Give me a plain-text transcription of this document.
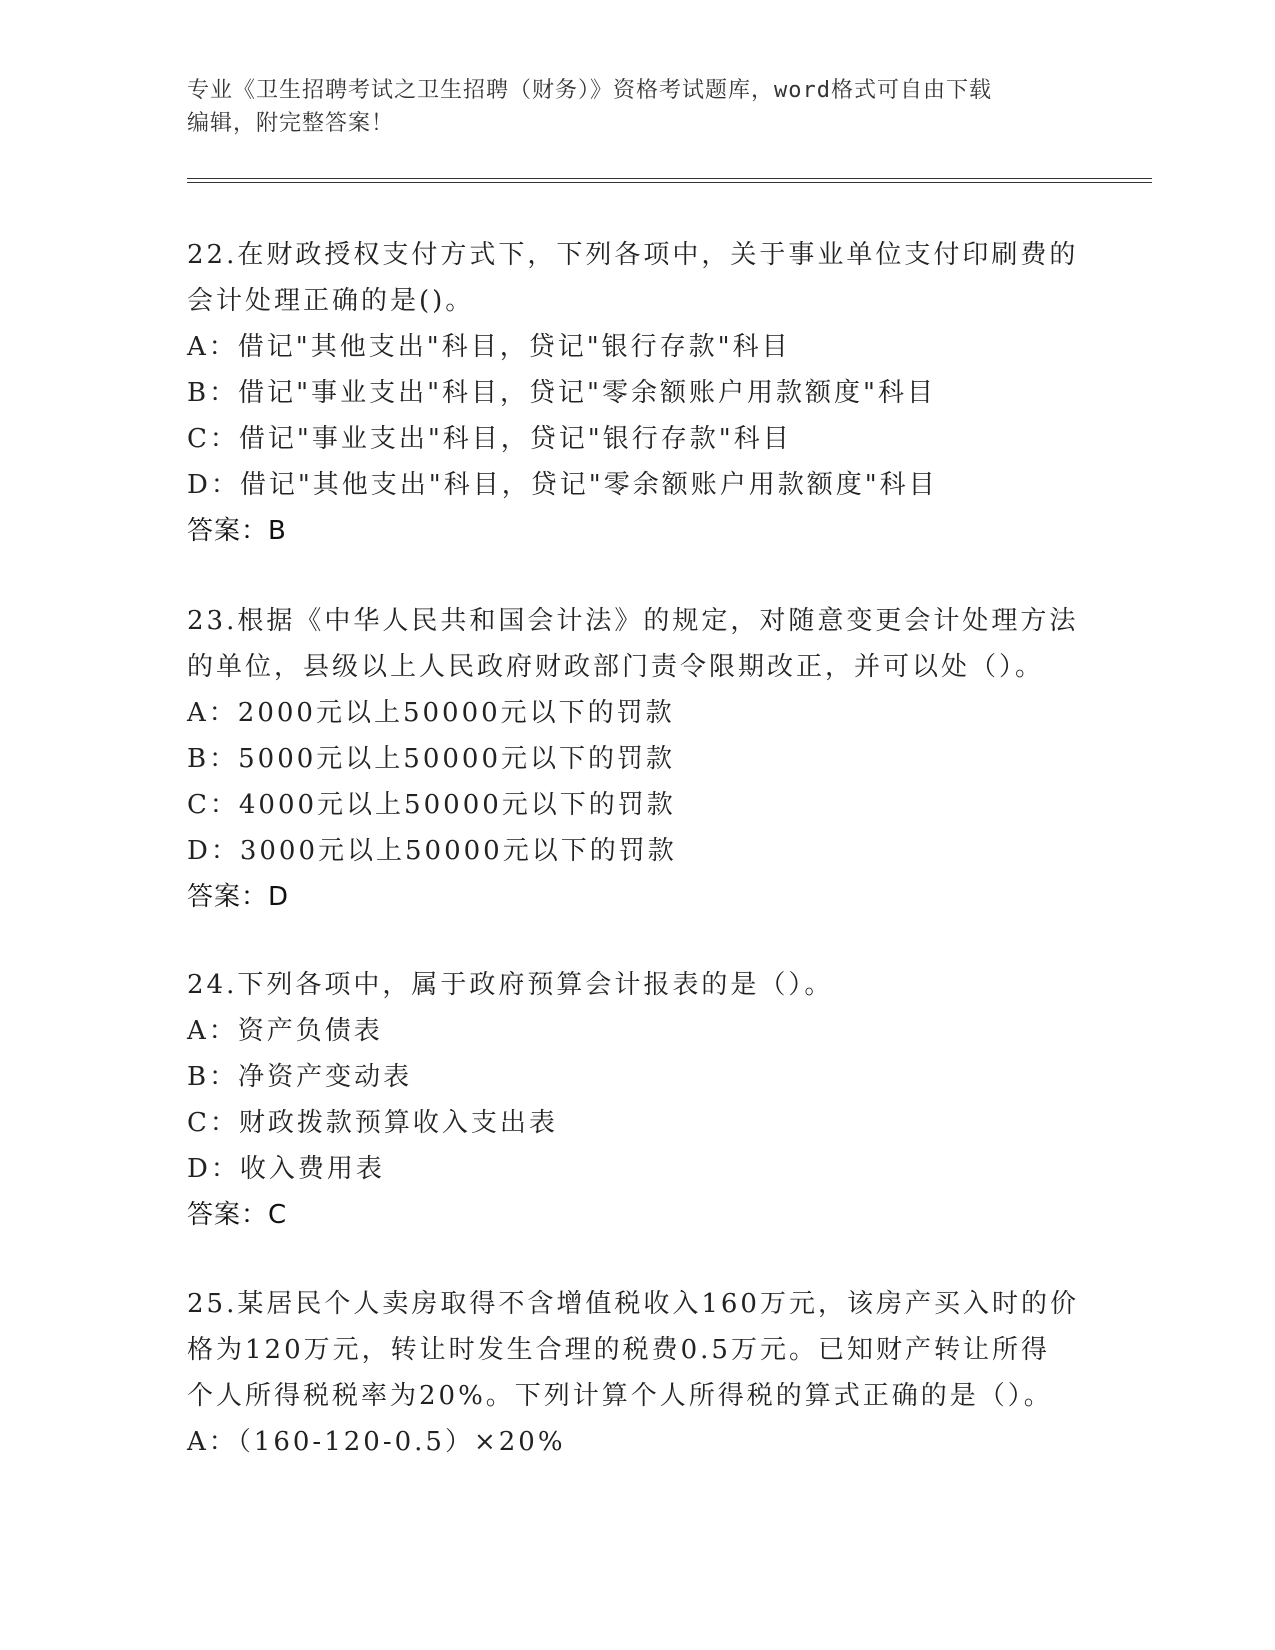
专业《卫生招聘考试之卫生招聘（财务）》资格考试题库，word格式可自由下载
编辑，附完整答案！
22.在财政授权支付方式下，下列各项中，关于事业单位支付印刷费的
会计处理正确的是()。
A：借记"其他支出"科目，贷记"银行存款"科目
B：借记"事业支出"科目，贷记"零余额账户用款额度"科目
C：借记"事业支出"科目，贷记"银行存款"科目
D：借记"其他支出"科目，贷记"零余额账户用款额度"科目
答案：B
23.根据《中华人民共和国会计法》的规定，对随意变更会计处理方法
的单位，县级以上人民政府财政部门责令限期改正，并可以处（）。
A：2000元以上50000元以下的罚款
B：5000元以上50000元以下的罚款
C：4000元以上50000元以下的罚款
D：3000元以上50000元以下的罚款
答案：D
24.下列各项中，属于政府预算会计报表的是（）。
A：资产负债表
B：净资产变动表
C：财政拨款预算收入支出表
D：收入费用表
答案：C
25.某居民个人卖房取得不含增值税收入160万元，该房产买入时的价
格为120万元，转让时发生合理的税费0.5万元。已知财产转让所得
个人所得税税率为20%。下列计算个人所得税的算式正确的是（）。
A：（160-120-0.5）×20%
